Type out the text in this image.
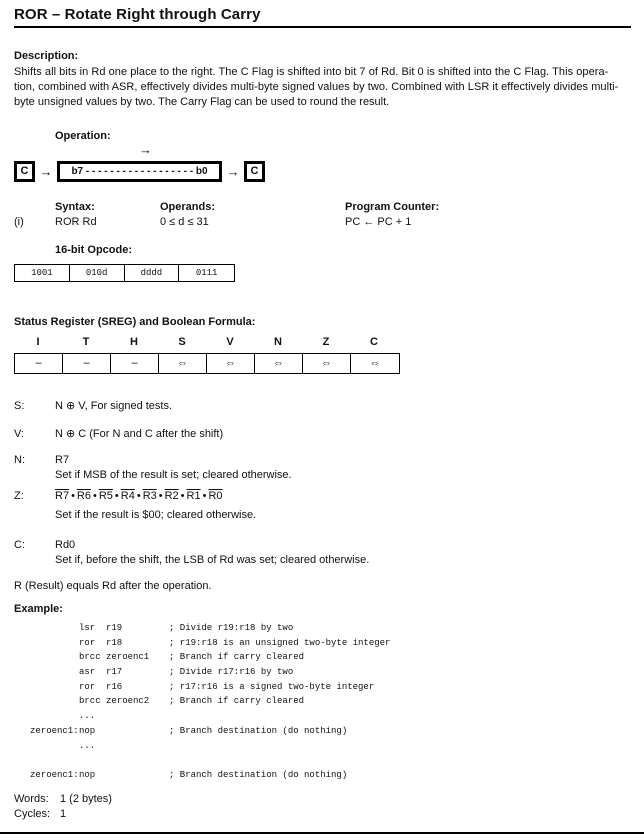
ROR – Rotate Right through Carry
Description:
Shifts all bits in Rd one place to the right. The C Flag is shifted into bit 7 of Rd. Bit 0 is shifted into the C Flag. This opera-
tion, combined with ASR, effectively divides multi-byte signed values by two. Combined with LSR it effectively divides multi-
byte unsigned values by two. The Carry Flag can be used to round the result.
Operation:
→
C →	b7 - - - - - - - - - - - - - - - - - - b0	→	C
Syntax:	Operands:	Program Counter:
(i)	ROR Rd	0 ≤ d ≤ 31	PC ← PC + 1
16-bit Opcode:
1001	010d	dddd	0111
Status Register (SREG) and Boolean Formula:
I	T	H	S	V	N	Z	C
–	–	–	⇔	⇔	⇔	⇔	⇔
S:	N ⊕ V, For signed tests.
V:	N ⊕ C (For N and C after the shift)
N:	R7
Set if MSB of the result is set; cleared otherwise.
Z:	R7 • R6 • R5 • R4 • R3 • R2 • R1 • R0
Set if the result is $00; cleared otherwise.
C:	Rd0
Set if, before the shift, the LSB of Rd was set; cleared otherwise.
R (Result) equals Rd after the operation.
Example:
lsr  r19	; Divide r19:r18 by two
ror  r18	; r19:r18 is an unsigned two-byte integer
brcc zeroenc1	; Branch if carry cleared
asr  r17	; Divide r17:r16 by two
ror  r16	; r17:r16 is a signed two-byte integer
brcc zeroenc2	; Branch if carry cleared
...
zeroenc1: nop	; Branch destination (do nothing)
...
zeroenc1: nop	; Branch destination (do nothing)
Words:	1 (2 bytes)
Cycles: 1
